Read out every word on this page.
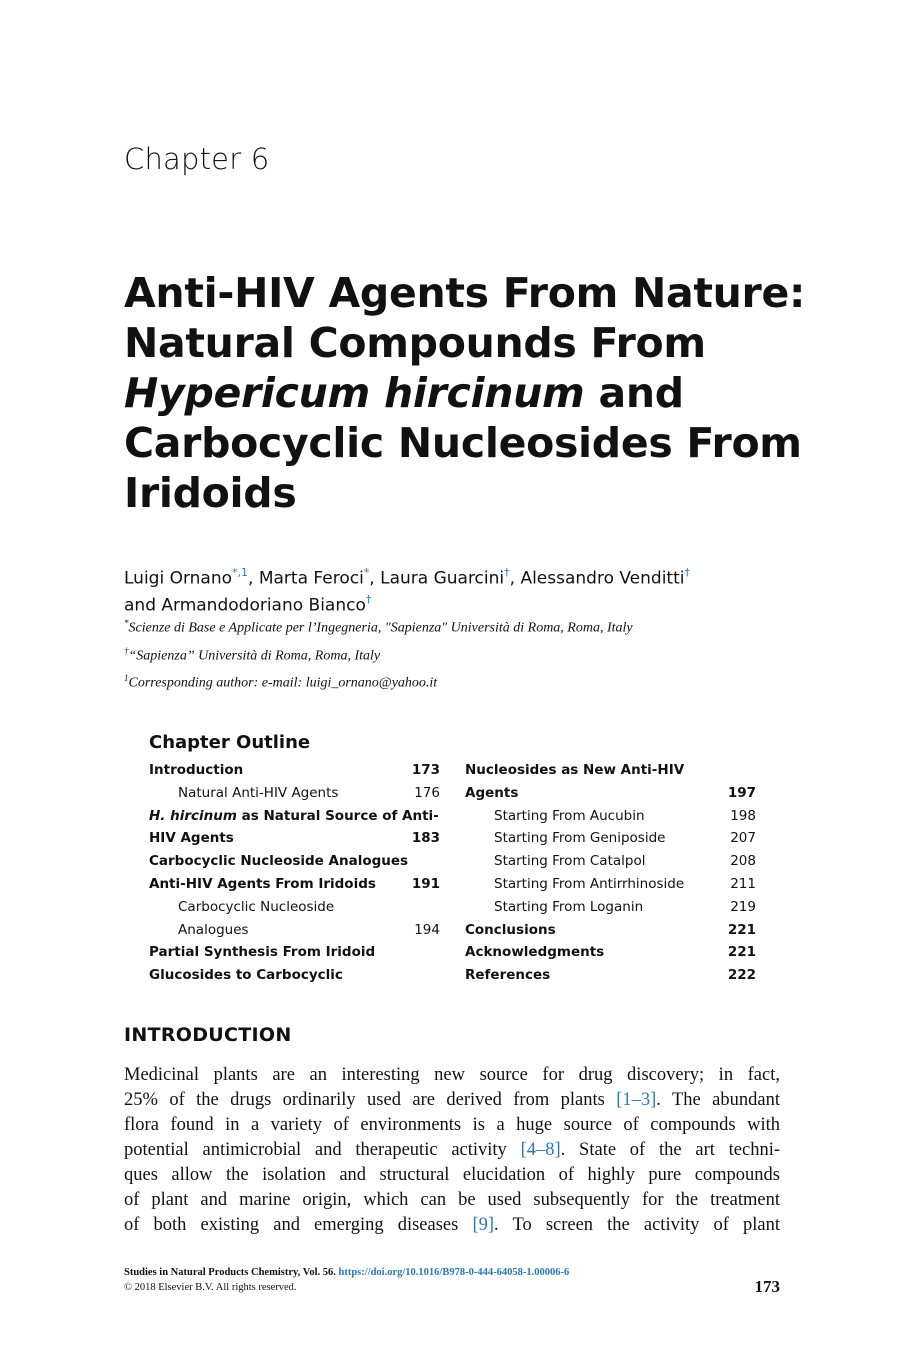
Chapter 6
Anti-HIV Agents From Nature:
Natural Compounds From
Hypericum hircinum and
Carbocyclic Nucleosides From
Iridoids
Luigi Ornano$^{*,1}$, Marta Feroci*, Laura Guarcini†, Alessandro Venditti†
and Armandodoriano Bianco†
*Scienze di Base e Applicate per l’Ingegneria, "Sapienza" Università di Roma, Roma, Italy
†“Sapienza” Università di Roma, Roma, Italy
$^1$Corresponding author: e-mail: luigi_ornano@yahoo.it
Chapter Outline
Introduction	173
Natural Anti-HIV Agents	176
H. hircinum as Natural Source of Anti-
HIV Agents	183
Carbocyclic Nucleoside Analogues
Anti-HIV Agents From Iridoids	191
Carbocyclic Nucleoside
Analogues	194
Partial Synthesis From Iridoid
Glucosides to Carbocyclic
Nucleosides as New Anti-HIV
Agents	197
Starting From Aucubin	198
Starting From Geniposide	207
Starting From Catalpol	208
Starting From Antirrhinoside	211
Starting From Loganin	219
Conclusions	221
Acknowledgments	221
References	222
INTRODUCTION
Medicinal plants are an interesting new source for drug discovery; in fact,
25% of the drugs ordinarily used are derived from plants [1–3]. The abundant
flora found in a variety of environments is a huge source of compounds with
potential antimicrobial and therapeutic activity [4–8]. State of the art techni-
ques allow the isolation and structural elucidation of highly pure compounds
of plant and marine origin, which can be used subsequently for the treatment
of both existing and emerging diseases [9]. To screen the activity of plant
Studies in Natural Products Chemistry, Vol. 56. https://doi.org/10.1016/B978-0-444-64058-1.00006-6
© 2018 Elsevier B.V. All rights reserved.	173
